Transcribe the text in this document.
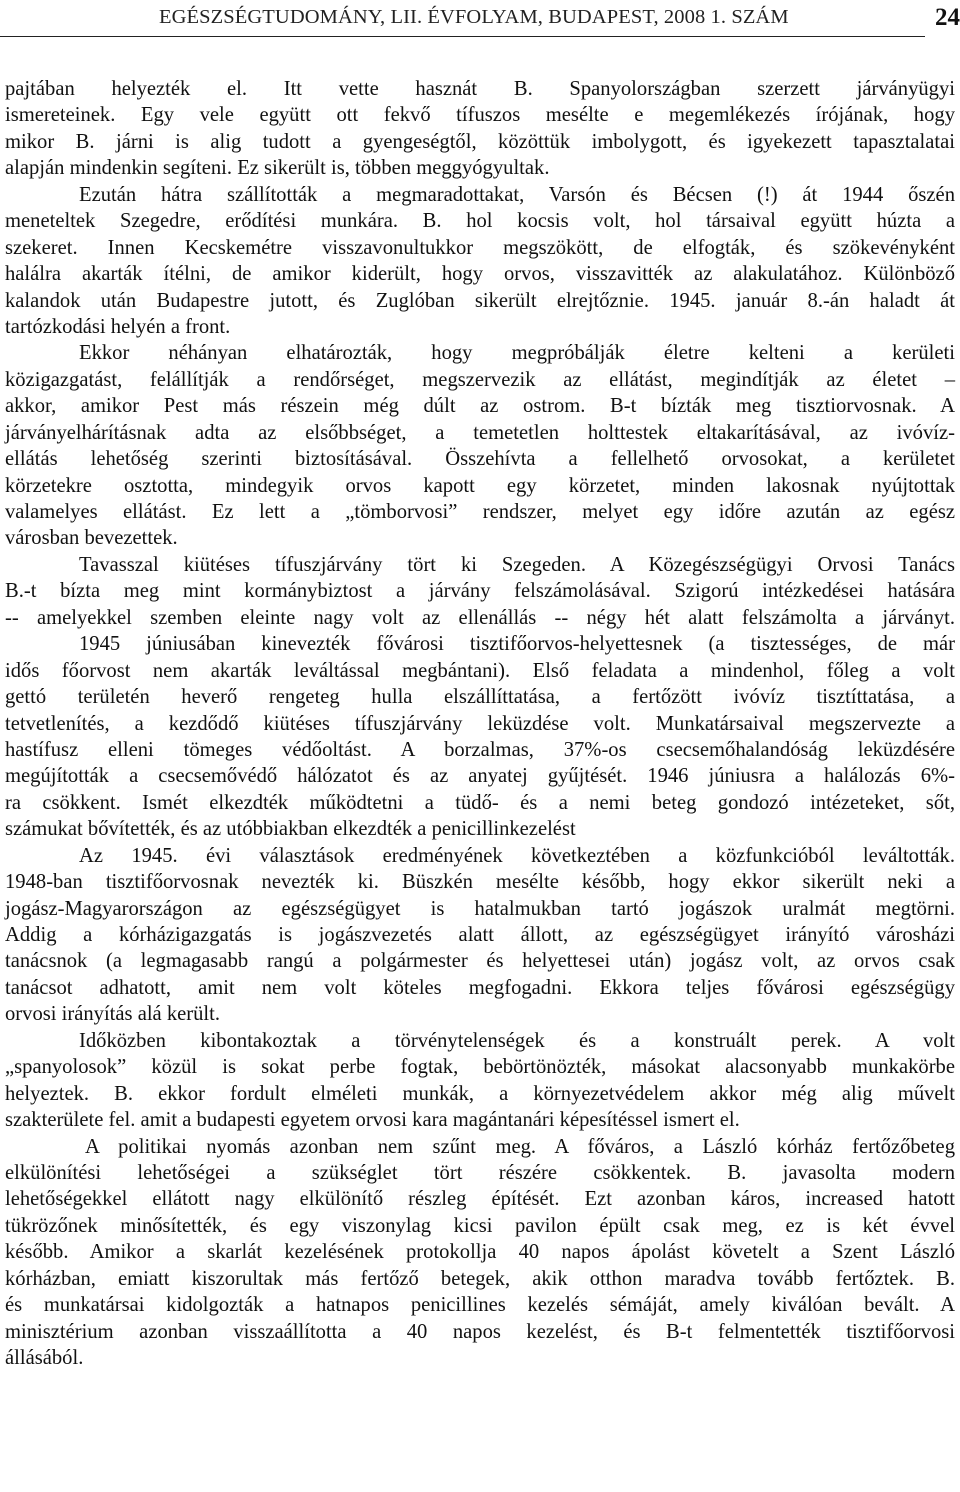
EGÉSZSÉGTUDOMÁNY, LII. ÉVFOLYAM, BUDAPEST, 2008 1. SZÁM	24
pajtában helyezték el. Itt vette hasznát B. Spanyolországban szerzett járványügyi
ismereteinek. Egy vele együtt ott fekvő tífuszos mesélte e megemlékezés írójának, hogy
mikor B. járni is alig tudott a gyengeségtől, közöttük imbolygott, és igyekezett tapasztalatai
alapján mindenkin segíteni. Ez sikerült is, többen meggyógyultak.
Ezután hátra szállították a megmaradottakat, Varsón és Bécsen (!) át 1944 őszén
meneteltek Szegedre, erődítési munkára. B. hol kocsis volt, hol társaival együtt húzta a
szekeret. Innen Kecskemétre visszavonultukkor megszökött, de elfogták, és szökevényként
halálra akarták ítélni, de amikor kiderült, hogy orvos, visszavitték az alakulatához. Különböző
kalandok után Budapestre jutott, és Zuglóban sikerült elrejtőznie. 1945. január 8.-án haladt át
tartózkodási helyén a front.
Ekkor néhányan elhatározták, hogy megpróbálják életre kelteni a kerületi
közigazgatást, felállítják a rendőrséget, megszervezik az ellátást, megindítják az életet –
akkor, amikor Pest más részein még dúlt az ostrom. B-t bízták meg tisztiorvosnak. A
járványelhárításnak adta az elsőbbséget, a temetetlen holttestek eltakarításával, az ivóvíz-
ellátás lehetőség szerinti biztosításával. Összehívta a fellelhető orvosokat, a kerületet
körzetekre osztotta, mindegyik orvos kapott egy körzetet, minden lakosnak nyújtottak
valamelyes ellátást. Ez lett a „tömborvosi” rendszer, melyet egy időre azután az egész
városban bevezettek.
Tavasszal kiütéses tífuszjárvány tört ki Szegeden. A Közegészségügyi Orvosi Tanács
B.-t bízta meg mint kormánybiztost a járvány felszámolásával. Szigorú intézkedései hatására
-- amelyekkel szemben eleinte nagy volt az ellenállás -- négy hét alatt felszámolta a járványt.
1945 júniusában kinevezték fővárosi tisztifőorvos-helyettesnek (a tisztességes, de már
idős főorvost nem akarták leváltással megbántani). Első feladata a mindenhol, főleg a volt
gettó területén heverő rengeteg hulla elszállíttatása, a fertőzött ivóvíz tisztíttatása, a
tetvetlenítés, a kezdődő kiütéses tífuszjárvány leküzdése volt. Munkatársaival megszervezte a
hastífusz elleni tömeges védőoltást. A borzalmas, 37%-os csecsemőhalandóság leküzdésére
megújították a csecsemővédő hálózatot és az anyatej gyűjtését. 1946 júniusra a halálozás 6%-
ra csökkent. Ismét elkezdték működtetni a tüdő- és a nemi beteg gondozó intézeteket, sőt,
számukat bővítették, és az utóbbiakban elkezdték a penicillinkezelést
Az 1945. évi választások eredményének következtében a közfunkcióból leváltották.
1948-ban tisztifőorvosnak nevezték ki. Büszkén mesélte később, hogy ekkor sikerült neki a
jogász-Magyarországon az egészségügyet is hatalmukban tartó jogászok uralmát megtörni.
Addig a kórházigazgatás is jogászvezetés alatt állott, az egészségügyet irányító városházi
tanácsnok (a legmagasabb rangú a polgármester és helyettesei után) jogász volt, az orvos csak
tanácsot adhatott, amit nem volt köteles megfogadni. Ekkora teljes fővárosi egészségügy
orvosi irányítás alá került.
Időközben kibontakoztak a törvénytelenségek és a konstruált perek. A volt
„spanyolosok” közül is sokat perbe fogtak, bebörtönözték, másokat alacsonyabb munkakörbe
helyeztek. B. ekkor fordult elméleti munkák, a környezetvédelem akkor még alig művelt
szakterülete fel. amit a budapesti egyetem orvosi kara magántanári képesítéssel ismert el.
A politikai nyomás azonban nem szűnt meg. A főváros, a László kórház fertőzőbeteg
elkülönítési lehetőségei a szükséglet tört részére csökkentek. B. javasolta modern
lehetőségekkel ellátott nagy elkülönítő részleg építését. Ezt azonban káros, increased hatott
tükrözőnek minősítették, és egy viszonylag kicsi pavilon épült csak meg, ez is két évvel
később. Amikor a skarlát kezelésének protokollja 40 napos ápolást követelt a Szent László
kórházban, emiatt kiszorultak más fertőző betegek, akik otthon maradva tovább fertőztek. B.
és munkatársai kidolgozták a hatnapos penicillines kezelés sémáját, amely kiválóan bevált. A
minisztérium azonban visszaállította a 40 napos kezelést, és B-t felmentették tisztifőorvosi
állásából.
